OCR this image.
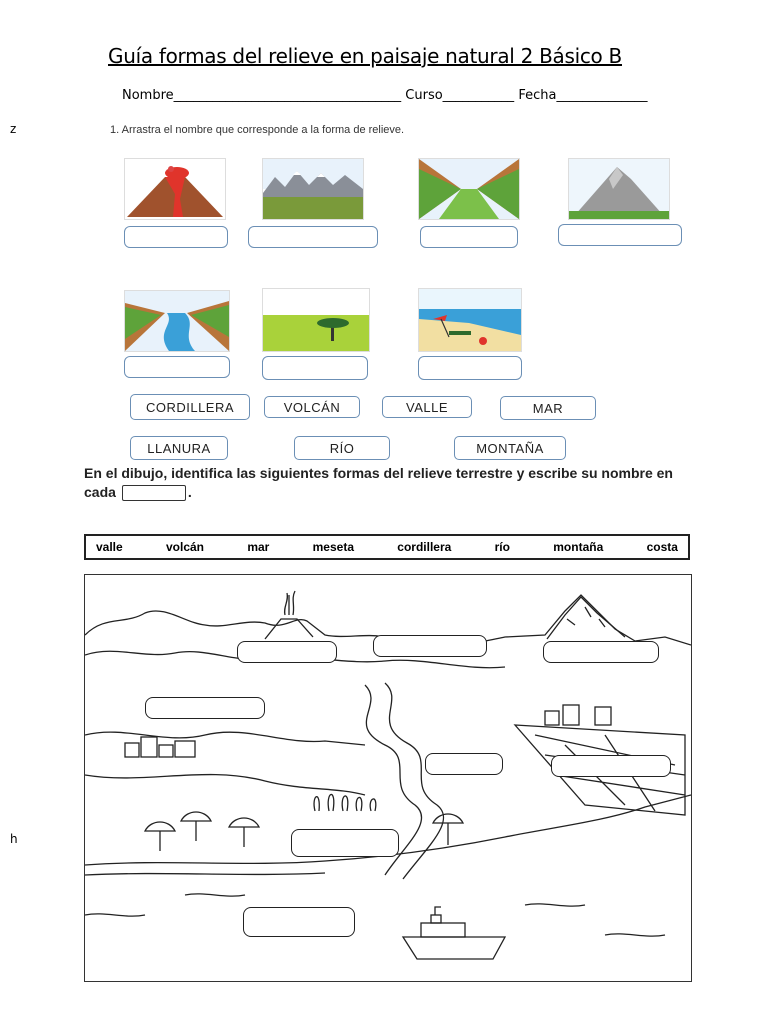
Guía formas del relieve en paisaje natural 2 Básico B
Nombre___________________________________ Curso___________ Fecha______________
z
h
1. Arrastra el nombre que corresponde a la forma de relieve.
CORDILLERA	VOLCÁN	VALLE	MAR
LLANURA	RÍO	MONTAÑA
En el dibujo, identifica las siguientes formas del relieve terrestre y escribe su nombre en cada	.
valle	volcán	mar	meseta	cordillera	río	montaña	costa
